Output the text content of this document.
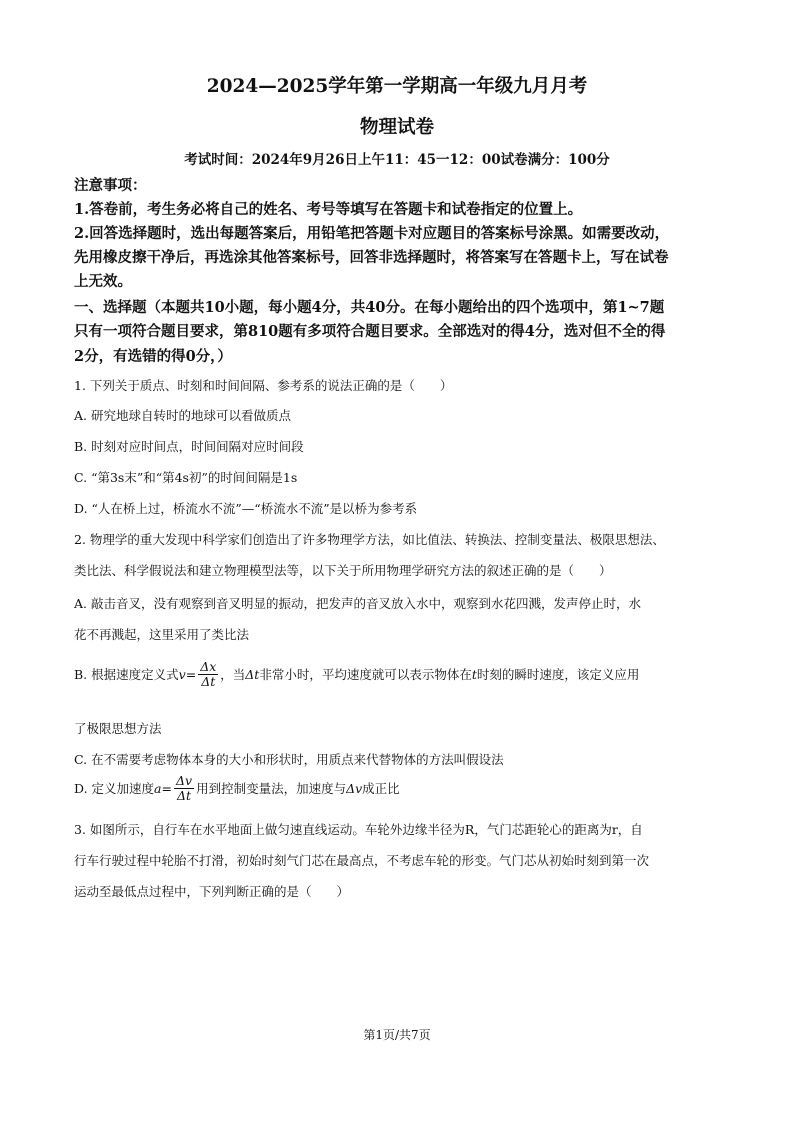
2024—2025学年第一学期高一年级九月月考
物理试卷
考试时间：2024年9月26日上午11：45一12：00试卷满分：100分
注意事项：
1.答卷前，考生务必将自己的姓名、考号等填写在答题卡和试卷指定的位置上。
2.回答选择题时，选出每题答案后，用铅笔把答题卡对应题目的答案标号涂黑。如需要改动，
先用橡皮擦干净后，再选涂其他答案标号，回答非选择题时，将答案写在答题卡上，写在试卷
上无效。
一、选择题（本题共10小题，每小题4分，共40分。在每小题给出的四个选项中，第1~7题
只有一项符合题目要求，第810题有多项符合题目要求。全部选对的得4分，选对但不全的得
2分，有选错的得0分，）
1. 下列关于质点、时刻和时间间隔、参考系的说法正确的是（　　）
A. 研究地球自转时的地球可以看做质点
B. 时刻对应时间点，时间间隔对应时间段
C. “第3s末”和“第4s初”的时间间隔是1s
D. “人在桥上过，桥流水不流”—“桥流水不流”是以桥为参考系
2. 物理学的重大发现中科学家们创造出了许多物理学方法，如比值法、转换法、控制变量法、极限思想法、
类比法、科学假说法和建立物理模型法等，以下关于所用物理学研究方法的叙述正确的是（　　）
A. 敲击音叉，没有观察到音叉明显的振动，把发声的音叉放入水中，观察到水花四溅，发声停止时，水
花不再溅起，这里采用了类比法
B. 根据速度定义式$v= \frac{\Delta x}{\Delta t}$ ，当Δt非常小时，平均速度就可以表示物体在t时刻的瞬时速度，该定义应用
了极限思想方法
C. 在不需要考虑物体本身的大小和形状时，用质点来代替物体的方法叫假设法
D. 定义加速度$a= \frac{\Delta v}{\Delta t}$ 用到控制变量法，加速度与Δv成正比
3. 如图所示，自行车在水平地面上做匀速直线运动。车轮外边缘半径为R，气门芯距轮心的距离为r，自
行车行驶过程中轮胎不打滑，初始时刻气门芯在最高点，不考虑车轮的形变。气门芯从初始时刻到第一次
运动至最低点过程中，下列判断正确的是（　　）
第1页/共7页
